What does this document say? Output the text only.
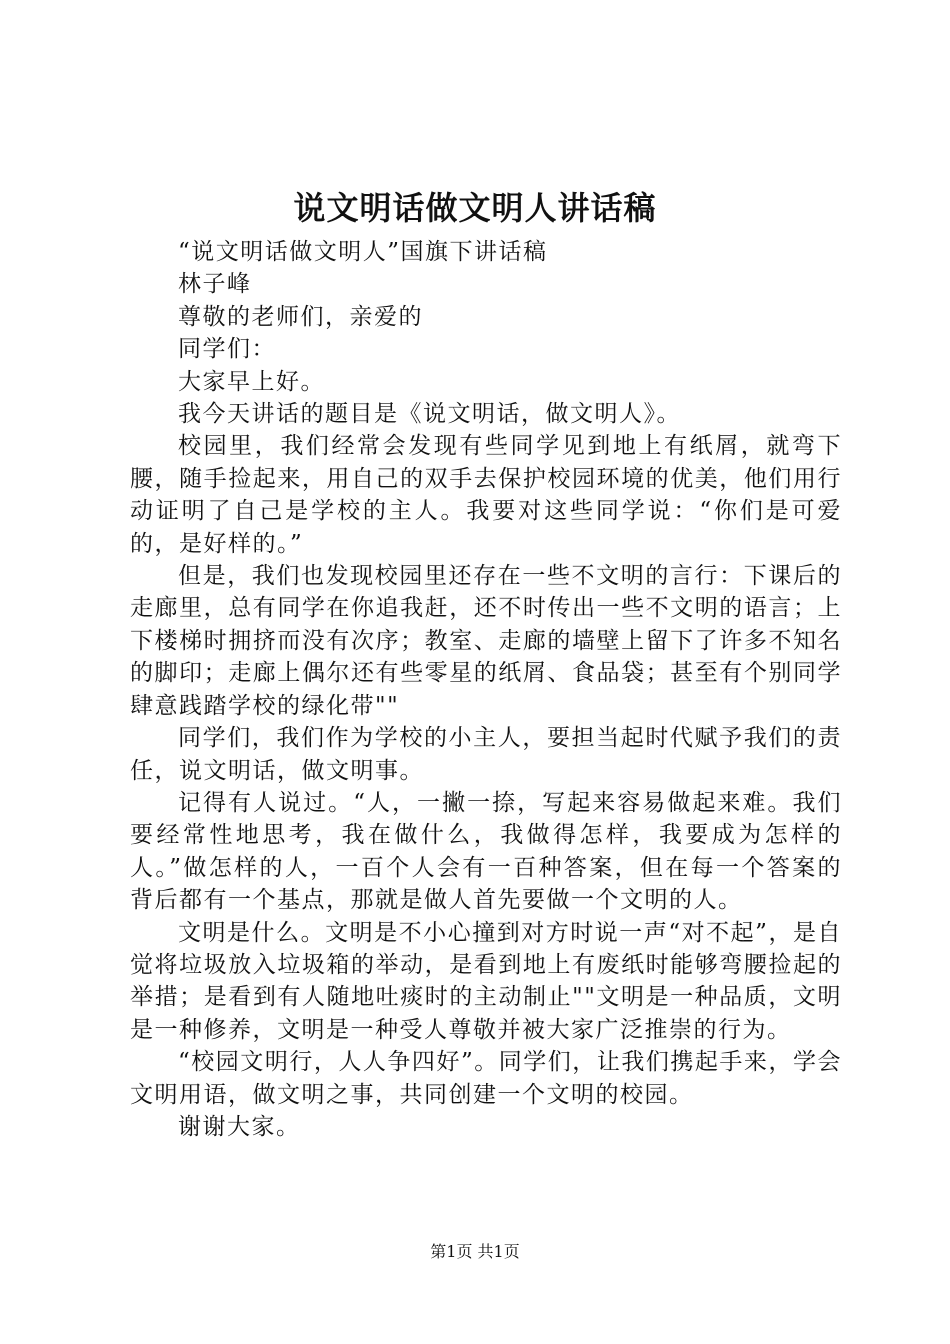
说文明话做文明人讲话稿

“说文明话做文明人”国旗下讲话稿

林子峰

尊敬的老师们，亲爱的

同学们：

大家早上好。

我今天讲话的题目是《说文明话，做文明人》。

校园里，我们经常会发现有些同学见到地上有纸屑，就弯下腰，随手捡起来，用自己的双手去保护校园环境的优美，他们用行动证明了自己是学校的主人。我要对这些同学说：“你们是可爱的，是好样的。”

但是，我们也发现校园里还存在一些不文明的言行：下课后的走廊里，总有同学在你追我赶，还不时传出一些不文明的语言；上下楼梯时拥挤而没有次序；教室、走廊的墙壁上留下了许多不知名的脚印；走廊上偶尔还有些零星的纸屑、食品袋；甚至有个别同学肆意践踏学校的绿化带""

同学们，我们作为学校的小主人，要担当起时代赋予我们的责任，说文明话，做文明事。

记得有人说过。“人，一撇一捺，写起来容易做起来难。我们要经常性地思考，我在做什么，我做得怎样，我要成为怎样的人。”做怎样的人，一百个人会有一百种答案，但在每一个答案的背后都有一个基点，那就是做人首先要做一个文明的人。

文明是什么。文明是不小心撞到对方时说一声“对不起”，是自觉将垃圾放入垃圾箱的举动，是看到地上有废纸时能够弯腰捡起的举措；是看到有人随地吐痰时的主动制止""文明是一种品质，文明是一种修养，文明是一种受人尊敬并被大家广泛推崇的行为。

“校园文明行，人人争四好”。同学们，让我们携起手来，学会文明用语，做文明之事，共同创建一个文明的校园。

谢谢大家。

第1页 共1页
